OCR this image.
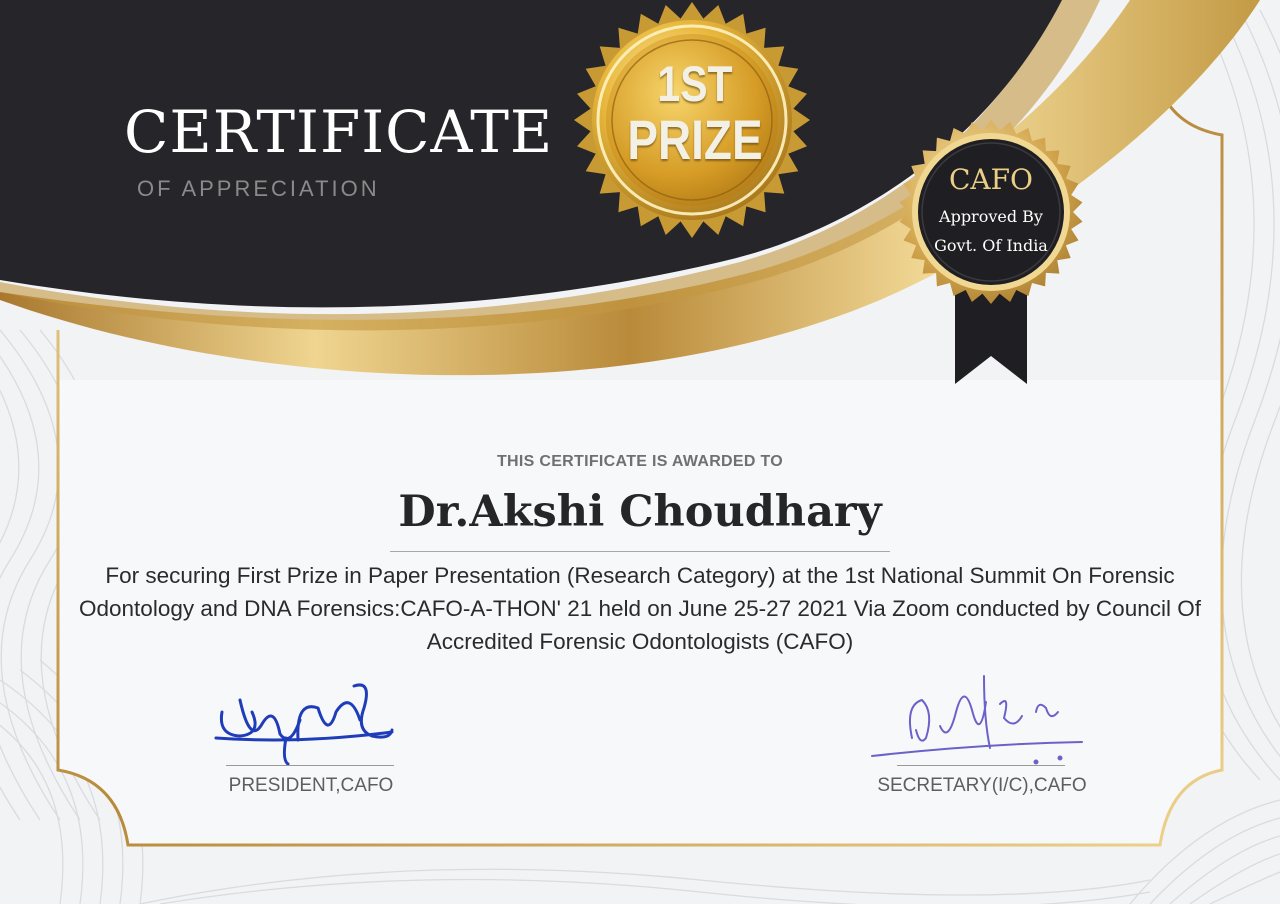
CERTIFICATE
OF APPRECIATION
1ST
PRIZE
CAFO
Approved By
Govt. Of India
THIS CERTIFICATE IS AWARDED TO
Dr.Akshi Choudhary
For securing First Prize in Paper Presentation (Research Category) at the 1st National Summit On Forensic Odontology and DNA Forensics:CAFO-A-THON' 21 held on June 25-27 2021 Via Zoom conducted by Council Of Accredited Forensic Odontologists (CAFO)
PRESIDENT,CAFO	SECRETARY(I/C),CAFO
